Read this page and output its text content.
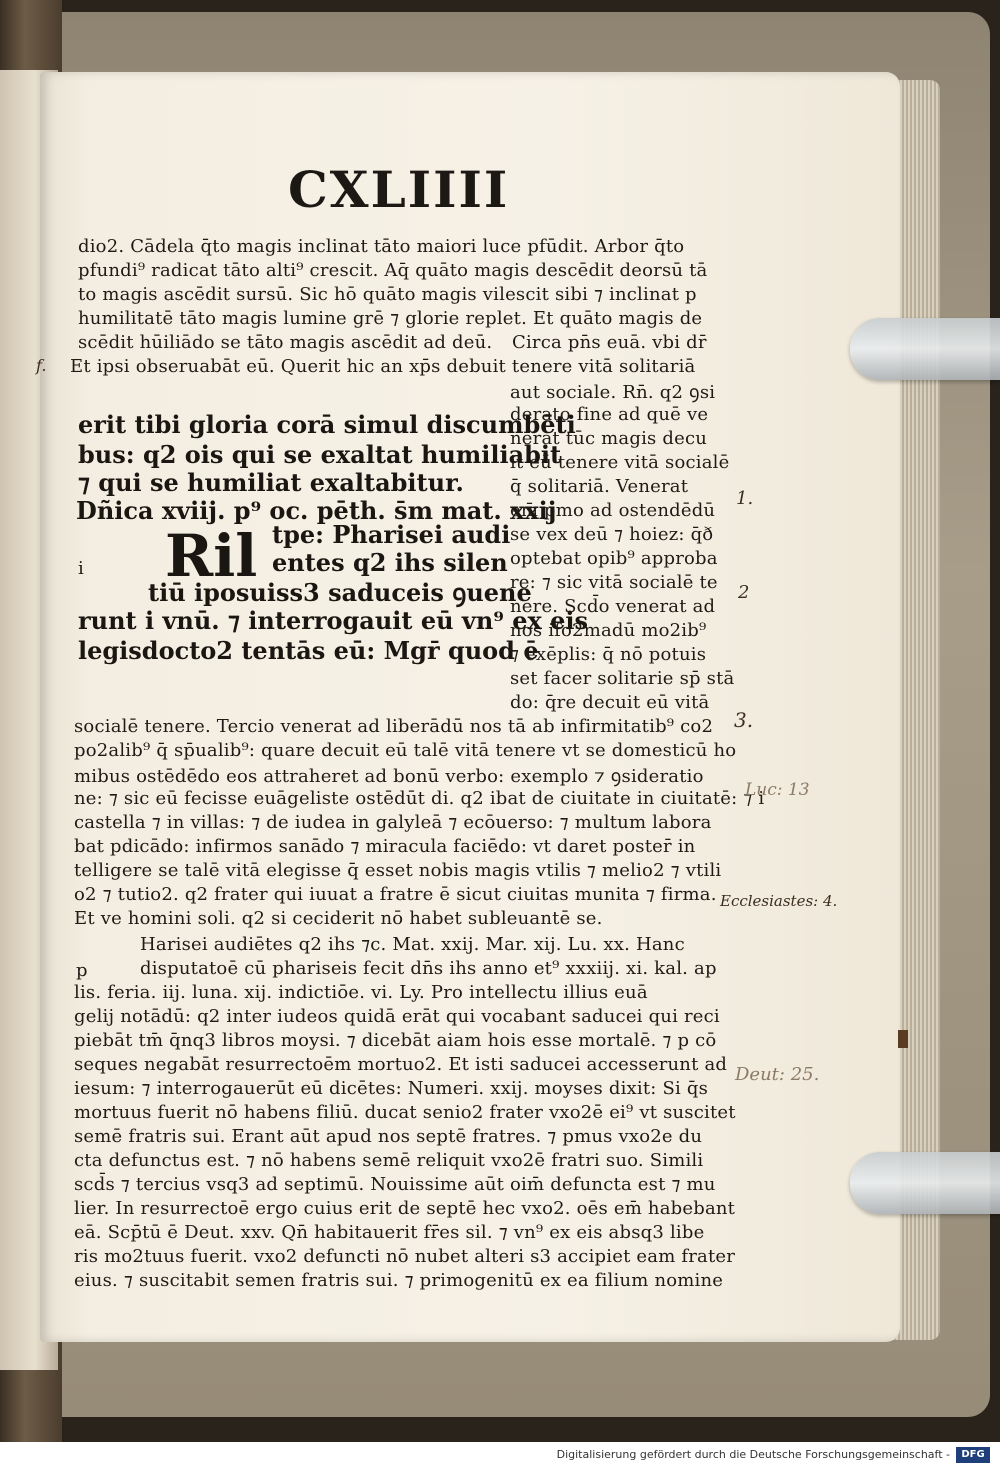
CXLIIII
dio2. Cādela q̄to magis inclinat tāto maiori luce pfūdit. Arbor q̄to
pfundi⁹ radicat tāto alti⁹ crescit. Aq̄ quāto magis descēdit deorsū tā
to magis ascēdit sursū. Sic hō quāto magis vilescit sibi ⁊ inclinat p
humilitatē tāto magis lumine grē ⁊ glorie replet. Et quāto magis de
scēdit hūiliādo se tāto magis ascēdit ad deū. Circa pn̄s euā. vbi dr̄
Et ipsi obseruabāt eū. Querit hic an xp̄s debuit tenere vitā solitariā
erit tibi gloria corā simul discumbēti
bus: q2 ois qui se exaltat humiliabit
⁊ qui se humiliat exaltabitur.
Dñica xviij. p⁹ oc. pēth. s̄m mat. xxij
Ril
i
tpe: Pharisei audi
entes q2 ihs silen
tiū iposuiss3 saduceis ꝯuene
runt i vnū. ⁊ interrogauit eū vn⁹ ex eis
legisdocto2 tentās eū: Mgr̄ quod ē
aut sociale. Rn̄. q2 ꝯsi
derato fine ad quē ve
nerat tūc magis decu
it eū tenere vitā socialē
q̄ solitariā. Venerat
em̄ pmo ad ostendēdū
se vex deū ⁊ hoiez: q̄ð
optebat opib⁹ approba
re: ⁊ sic vitā socialē te
nere. Scd̄o venerat ad
nos ifo2madū mo2ib⁹
⁊ exēplis: q̄ nō potuis
set facer solitarie sp̄ stā
do: q̄re decuit eū vitā
socialē tenere. Tercio venerat ad liberādū nos tā ab infirmitatib⁹ co2
po2alib⁹ q̄ sp̄ualib⁹: quare decuit eū talē vitā tenere vt se domesticū ho
mibus ostēdēdo eos attraheret ad bonū verbo: exemplo ⁊ ꝯsideratio
ne: ⁊ sic eū fecisse euāgeliste ostēdūt di. q2 ibat de ciuitate in ciuitatē: ⁊ i
castella ⁊ in villas: ⁊ de iudea in galyleā ⁊ ecōuerso: ⁊ multum labora
bat pdicādo: infirmos sanādo ⁊ miracula faciēdo: vt daret poster̄ in
telligere se talē vitā elegisse q̄ esset nobis magis vtilis ⁊ melio2 ⁊ vtili
o2 ⁊ tutio2. q2 frater qui iuuat a fratre ē sicut ciuitas munita ⁊ firma.
Et ve homini soli. q2 si ceciderit nō habet subleuantē se.
p
Harisei audiētes q2 ihs ⁊c. Mat. xxij. Mar. xij. Lu. xx. Hanc
disputatoē cū phariseis fecit dn̄s ihs anno et⁹ xxxiij. xi. kal. ap
lis. feria. iij. luna. xij. indictiōe. vi. Ly. Pro intellectu illius euā
gelij notādū: q2 inter iudeos quidā erāt qui vocabant saducei qui reci
piebāt tm̄ q̄nq3 libros moysi. ⁊ dicebāt aiam hois esse mortalē. ⁊ p cō
seques negabāt resurrectoēm mortuo2. Et isti saducei accesserunt ad
iesum: ⁊ interrogauerūt eū dicētes: Numeri. xxij. moyses dixit: Si q̄s
mortuus fuerit nō habens filiū. ducat senio2 frater vxo2ē ei⁹ vt suscitet
semē fratris sui. Erant aūt apud nos septē fratres. ⁊ pmus vxo2e du
cta defunctus est. ⁊ nō habens semē reliquit vxo2ē fratri suo. Simili
scd̄s ⁊ tercius vsq3 ad septimū. Nouissime aūt oim̄ defuncta est ⁊ mu
lier. In resurrectoē ergo cuius erit de septē hec vxo2. oēs em̄ habebant
eā. Scp̄tū ē Deut. xxv. Qn̄ habitauerit fr̄es sil. ⁊ vn⁹ ex eis absq3 libe
ris mo2tuus fuerit. vxo2 defuncti nō nubet alteri s3 accipiet eam frater
eius. ⁊ suscitabit semen fratris sui. ⁊ primogenitū ex ea filium nomine
f.
1.
2
3.
Luc: 13
Ecclesiastes: 4.
Deut: 25.
Digitalisierung gefördert durch die Deutsche Forschungsgemeinschaft -	DFG
